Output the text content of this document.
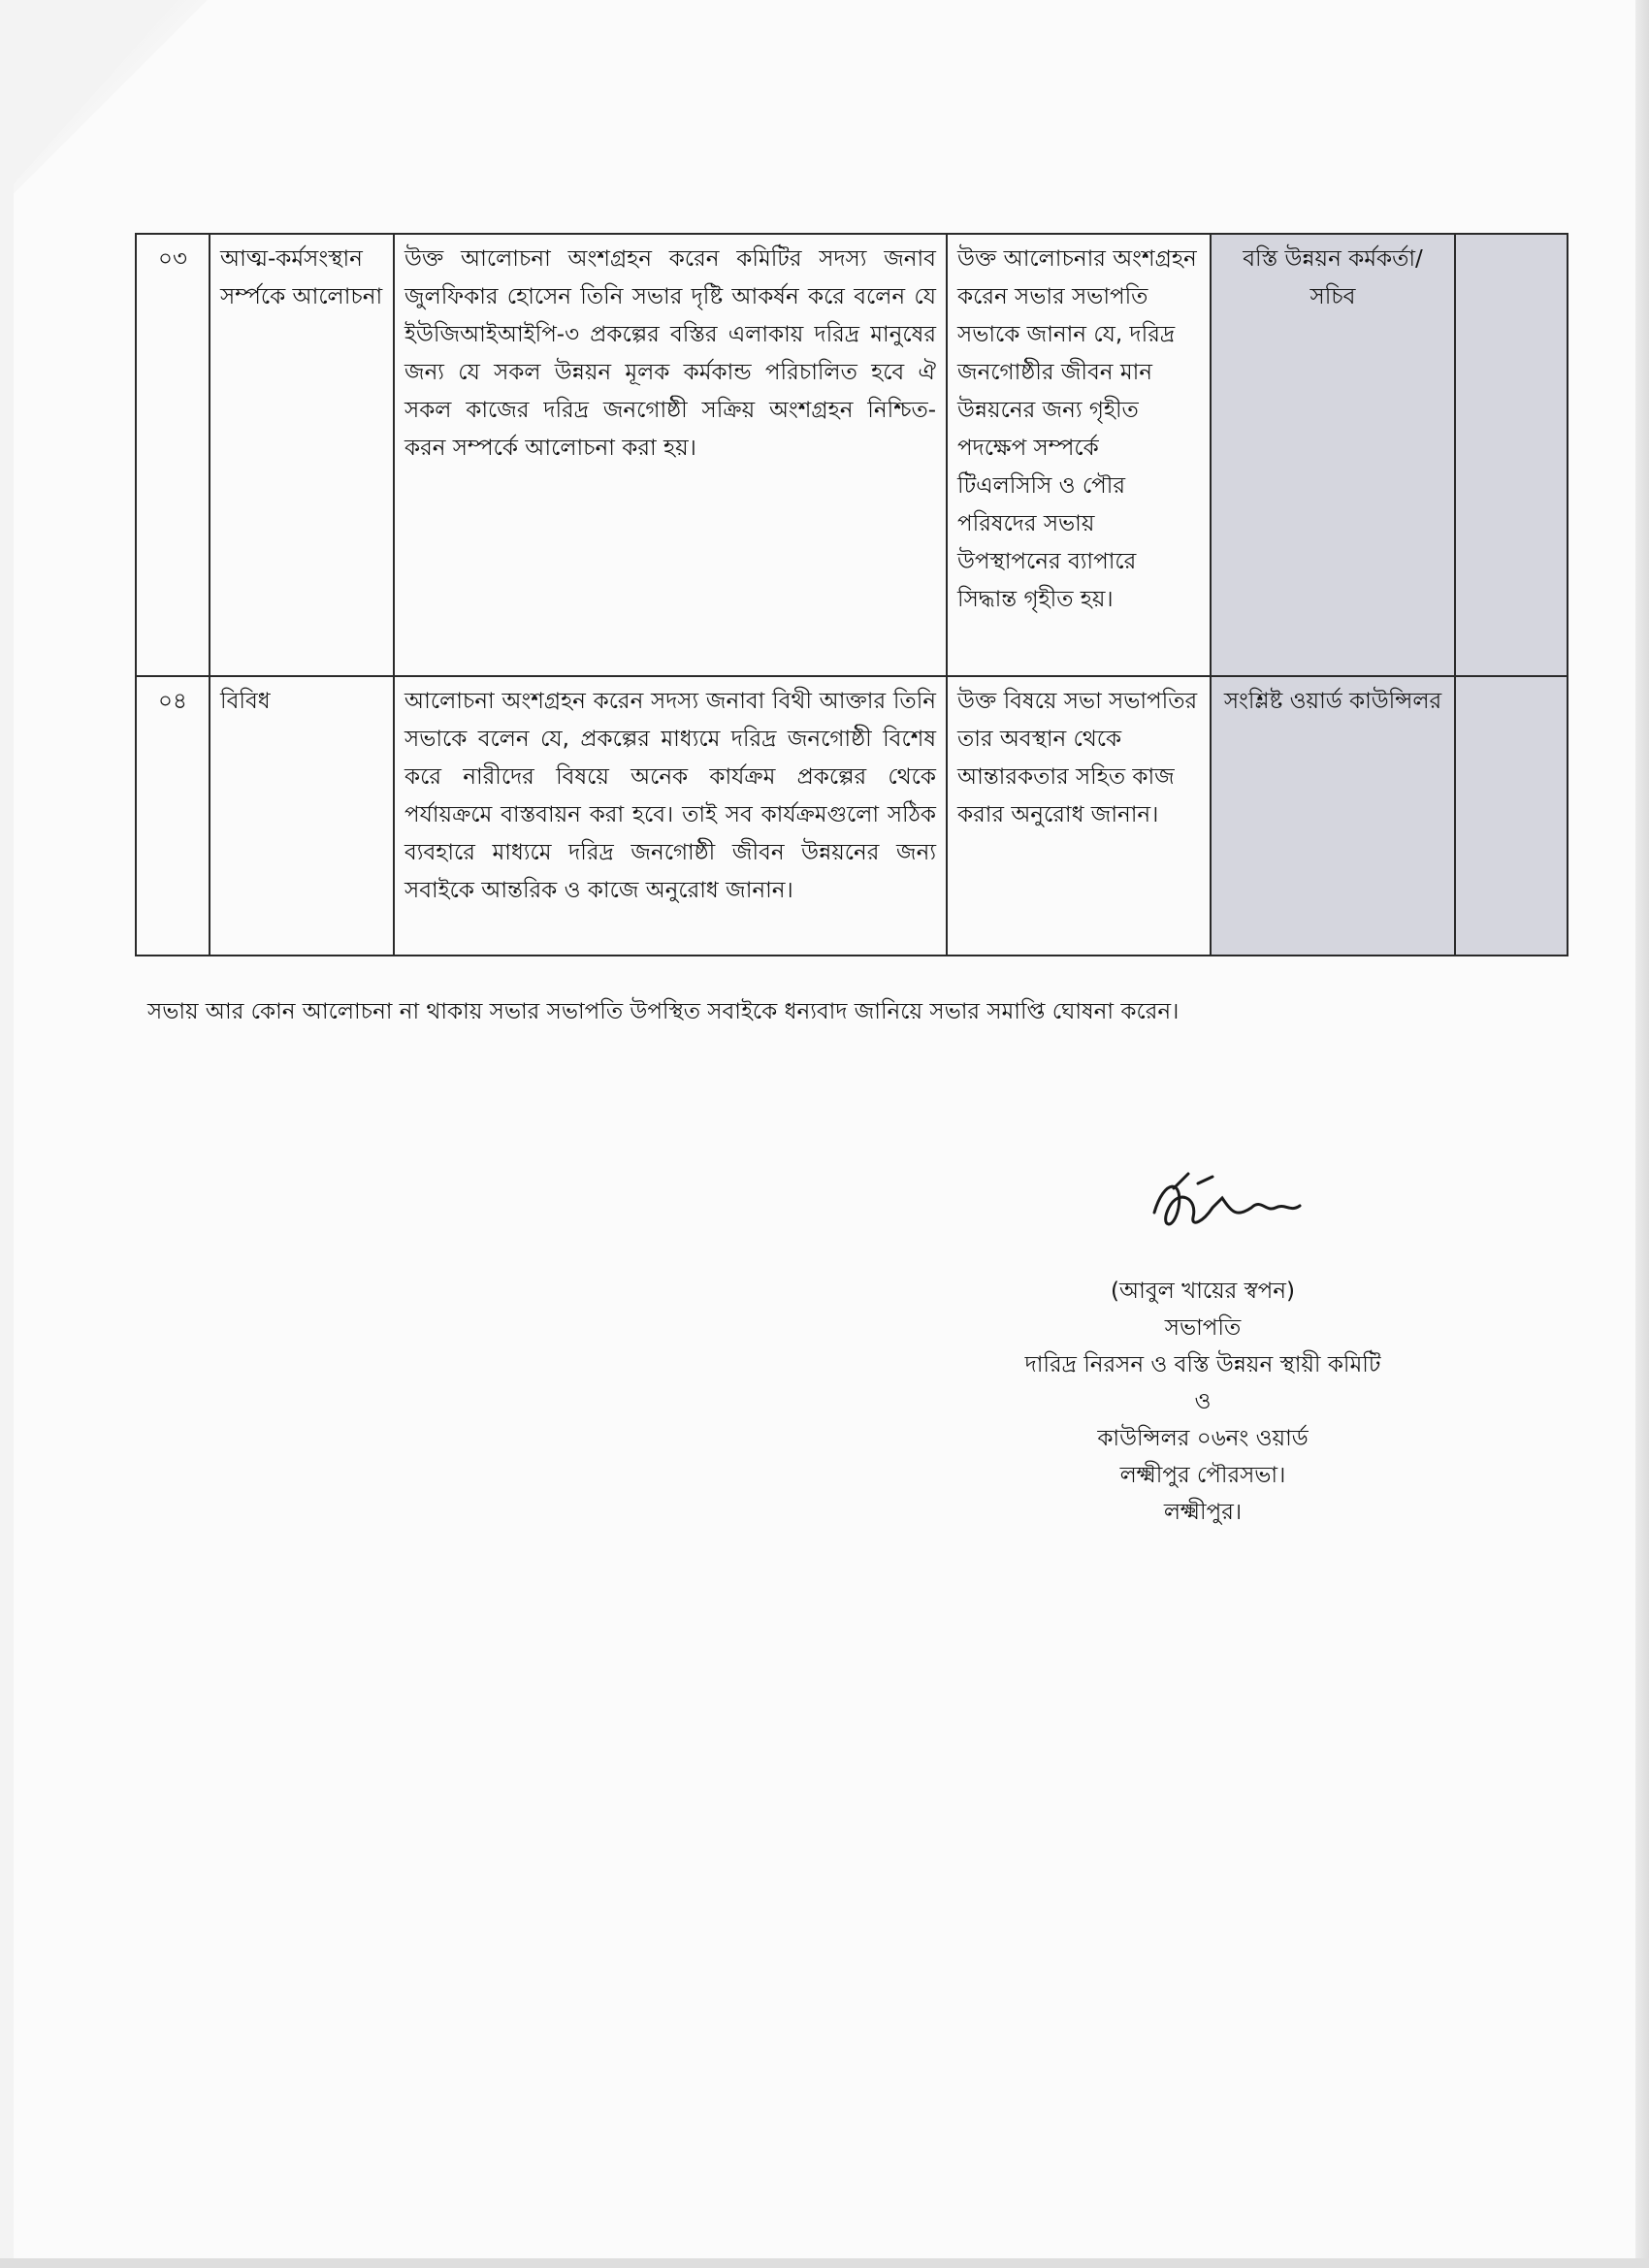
০৩	আত্ম-কর্মসংস্থান সর্ম্পকে আলোচনা	উক্ত আলোচনা অংশগ্রহন করেন কমিটির সদস্য জনাব জুলফিকার হোসেন তিনি সভার দৃষ্টি আকর্ষন করে বলেন যে ইউজিআইআইপি-৩ প্রকল্পের বস্তির এলাকায় দরিদ্র মানুষের জন্য যে সকল উন্নয়ন মূলক কর্মকান্ড পরিচালিত হবে ঐ সকল কাজের দরিদ্র জনগোষ্ঠী সক্রিয় অংশগ্রহন নিশ্চিত- করন সম্পর্কে আলোচনা করা হয়।	উক্ত আলোচনার অংশগ্রহন করেন সভার সভাপতি সভাকে জানান যে, দরিদ্র জনগোষ্ঠীর জীবন মান উন্নয়নের জন্য গৃহীত পদক্ষেপ সম্পর্কে টিএলসিসি ও পৌর পরিষদের সভায় উপস্থাপনের ব্যাপারে সিদ্ধান্ত গৃহীত হয়।	বস্তি উন্নয়ন কর্মকর্তা/ সচিব	
০৪	বিবিধ	আলোচনা অংশগ্রহন করেন সদস্য জনাবা বিথী আক্তার তিনি সভাকে বলেন যে, প্রকল্পের মাধ্যমে দরিদ্র জনগোষ্ঠী বিশেষ করে নারীদের বিষয়ে অনেক কার্যক্রম প্রকল্পের থেকে পর্যায়ক্রমে বাস্তবায়ন করা হবে। তাই সব কার্যক্রমগুলো সঠিক ব্যবহারে মাধ্যমে দরিদ্র জনগোষ্ঠী জীবন উন্নয়নের জন্য সবাইকে আন্তরিক ও কাজে অনুরোধ জানান।	উক্ত বিষয়ে সভা সভাপতির তার অবস্থান থেকে আন্তারকতার সহিত কাজ করার অনুরোধ জানান।	সংশ্লিষ্ট ওয়ার্ড কাউন্সিলর	
সভায় আর কোন আলোচনা না থাকায় সভার সভাপতি উপস্থিত সবাইকে ধন্যবাদ জানিয়ে সভার সমাপ্তি ঘোষনা করেন।
(আবুল খায়ের স্বপন)
সভাপতি
দারিদ্র নিরসন ও বস্তি উন্নয়ন স্থায়ী কমিটি
ও
কাউন্সিলর ০৬নং ওয়ার্ড
লক্ষ্মীপুর পৌরসভা।
লক্ষ্মীপুর।
